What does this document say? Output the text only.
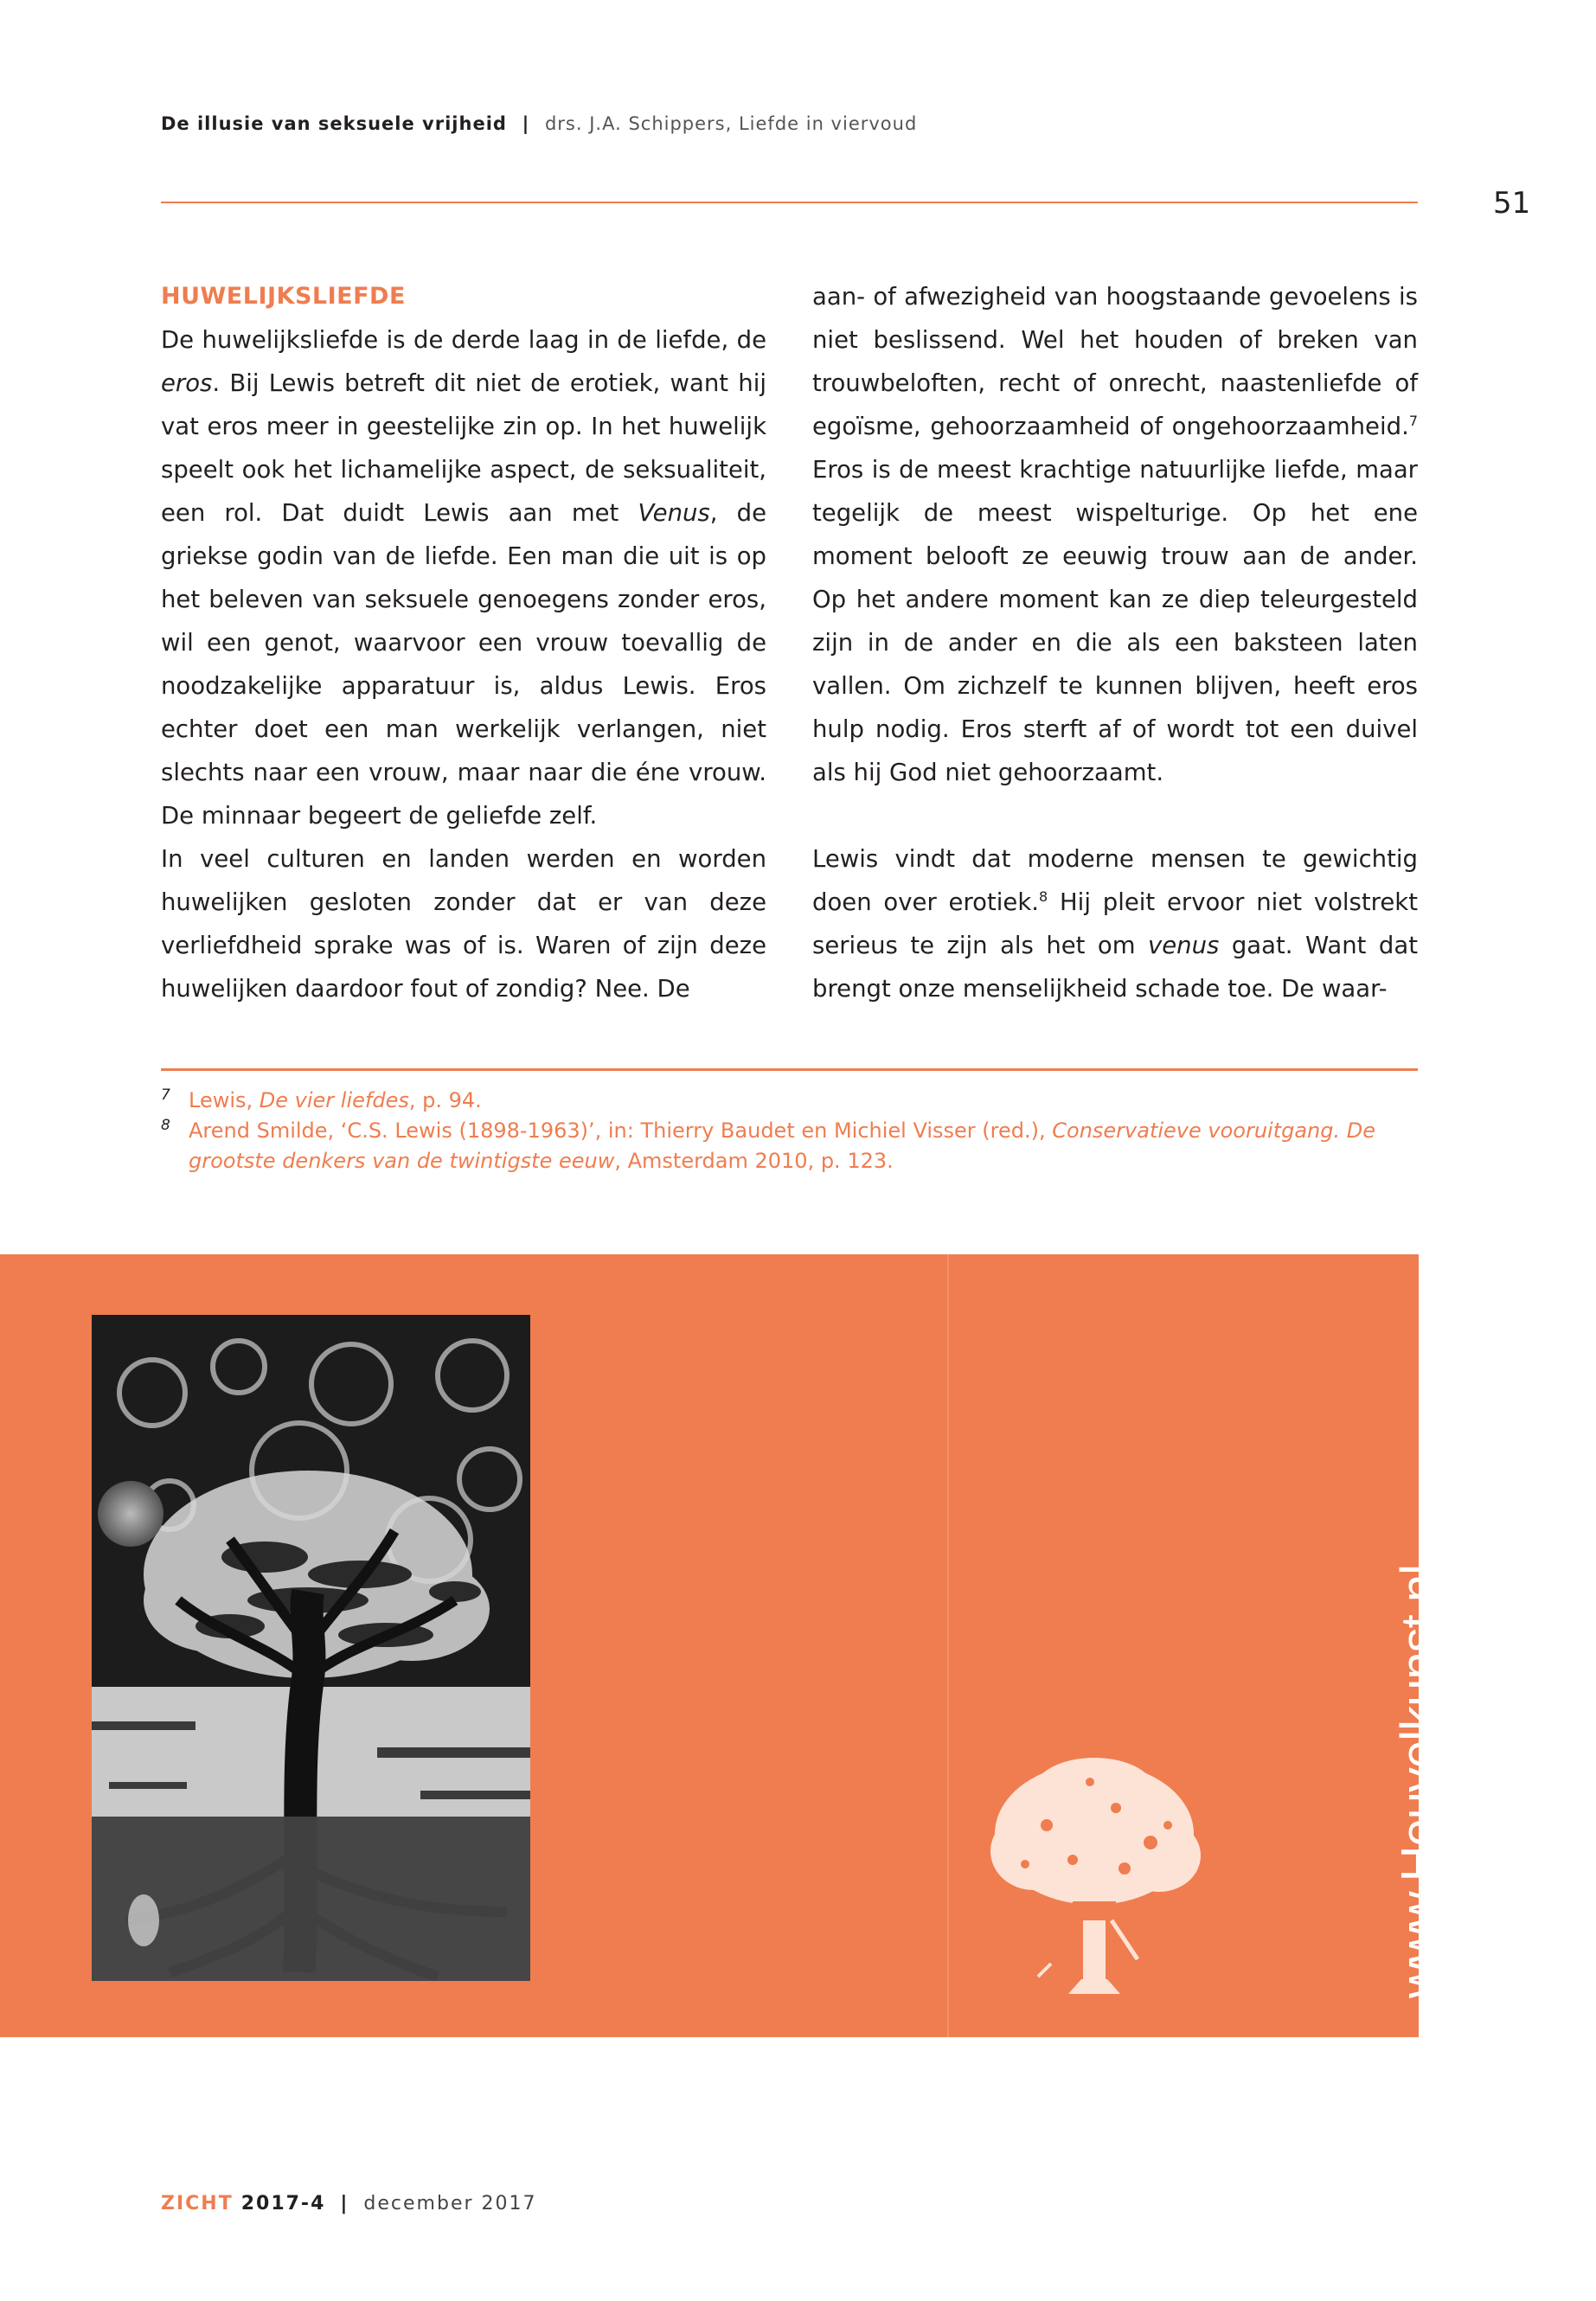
De illusie van seksuele vrijheid | drs. J.A. Schippers, Liefde in viervoud
51

HUWELIJKSLIEFDE

De huwelijksliefde is de derde laag in de liefde, de eros. Bij Lewis betreft dit niet de erotiek, want hij vat eros meer in geestelijke zin op. In het huwelijk speelt ook het lichamelijke aspect, de seksualiteit, een rol. Dat duidt Lewis aan met Venus, de griekse godin van de liefde. Een man die uit is op het beleven van seksuele genoegens zonder eros, wil een genot, waarvoor een vrouw toevallig de noodzakelijke apparatuur is, aldus Lewis. Eros echter doet een man werkelijk verlangen, niet slechts naar een vrouw, maar naar die éne vrouw. De minnaar begeert de geliefde zelf.

In veel culturen en landen werden en worden huwelijken gesloten zonder dat er van deze verliefdheid sprake was of is. Waren of zijn deze huwelijken daardoor fout of zondig? Nee. De

aan- of afwezigheid van hoogstaande gevoelens is niet beslissend. Wel het houden of breken van trouwbeloften, recht of onrecht, naastenliefde of egoïsme, gehoorzaamheid of ongehoorzaamheid.$^7$ Eros is de meest krachtige natuurlijke liefde, maar tegelijk de meest wispelturige. Op het ene moment belooft ze eeuwig trouw aan de ander. Op het andere moment kan ze diep teleurgesteld zijn in de ander en die als een baksteen laten vallen. Om zichzelf te kunnen blijven, heeft eros hulp nodig. Eros sterft af of wordt tot een duivel als hij God niet gehoorzaamt.

Lewis vindt dat moderne mensen te gewichtig doen over erotiek.$^8$ Hij pleit ervoor niet volstrekt serieus te zijn als het om venus gaat. Want dat brengt onze menselijkheid schade toe. De waar-

7 Lewis, De vier liefdes, p. 94.
8 Arend Smilde, ‘C.S. Lewis (1898-1963)’, in: Thierry Baudet en Michiel Visser (red.), Conservatieve vooruitgang. De grootste denkers van de twintigste eeuw, Amsterdam 2010, p. 123.
www.Heuvelkunst.nl
Architectuur & Beeldende kunst
ZICHT 2017-4 | december 2017
